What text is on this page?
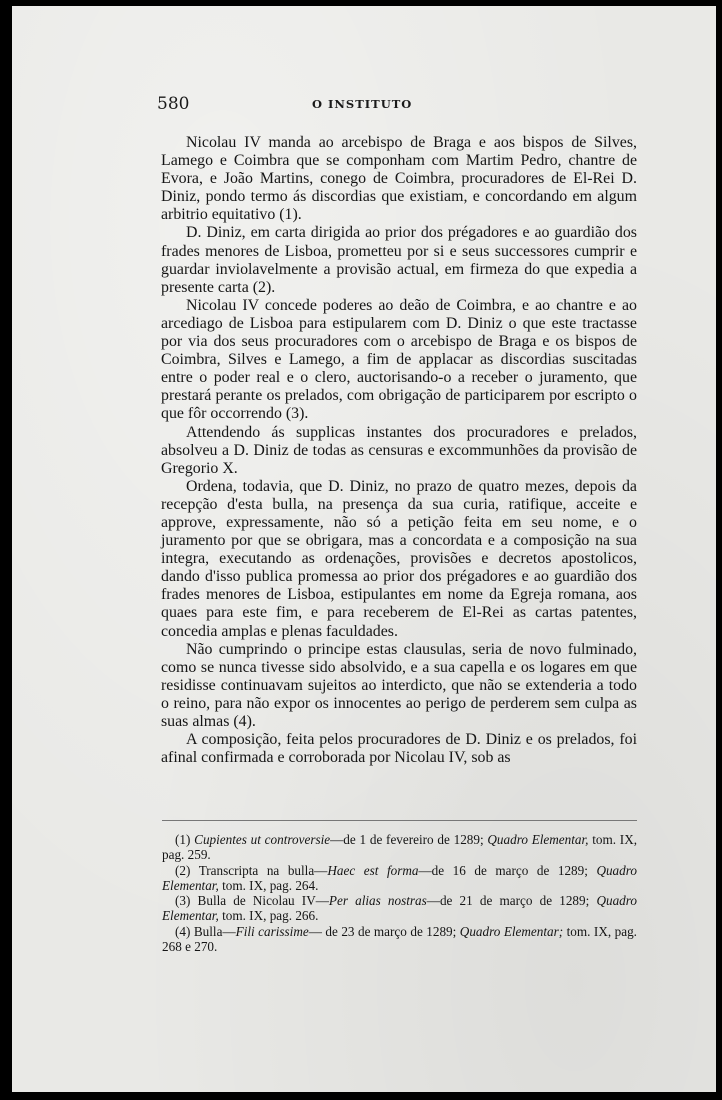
580	O INSTITUTO

Nicolau IV manda ao arcebispo de Braga e aos bispos de Silves, Lamego e Coimbra que se componham com Martim Pedro, chantre de Evora, e João Martins, conego de Coimbra, procuradores de El-Rei D. Diniz, pondo termo ás discordias que existiam, e concordando em algum arbitrio equitativo (1).

D. Diniz, em carta dirigida ao prior dos prégadores e ao guardião dos frades menores de Lisboa, prometteu por si e seus successores cumprir e guardar inviolavelmente a provisão actual, em firmeza do que expedia a presente carta (2).

Nicolau IV concede poderes ao deão de Coimbra, e ao chantre e ao arcediago de Lisboa para estipularem com D. Diniz o que este tractasse por via dos seus procuradores com o arcebispo de Braga e os bispos de Coimbra, Silves e Lamego, a fim de applacar as discordias suscitadas entre o poder real e o clero, auctorisando-o a receber o juramento, que prestará perante os prelados, com obrigação de participarem por escripto o que fôr occorrendo (3).

Attendendo ás supplicas instantes dos procuradores e prelados, absolveu a D. Diniz de todas as censuras e excommunhões da provisão de Gregorio X.

Ordena, todavia, que D. Diniz, no prazo de quatro mezes, depois da recepção d'esta bulla, na presença da sua curia, ratifique, acceite e approve, expressamente, não só a petição feita em seu nome, e o juramento por que se obrigara, mas a concordata e a composição na sua integra, executando as ordenações, provisões e decretos apostolicos, dando d'isso publica promessa ao prior dos prégadores e ao guardião dos frades menores de Lisboa, estipulantes em nome da Egreja romana, aos quaes para este fim, e para receberem de El-Rei as cartas patentes, concedia amplas e plenas faculdades.

Não cumprindo o principe estas clausulas, seria de novo fulminado, como se nunca tivesse sido absolvido, e a sua capella e os logares em que residisse continuavam sujeitos ao interdicto, que não se extenderia a todo o reino, para não expor os innocentes ao perigo de perderem sem culpa as suas almas (4).

A composição, feita pelos procuradores de D. Diniz e os prelados, foi afinal confirmada e corroborada por Nicolau IV, sob as

(1) Cupientes ut controversie—de 1 de fevereiro de 1289; Quadro Elementar, tom. IX, pag. 259.

(2) Transcripta na bulla—Haec est forma—de 16 de março de 1289; Quadro Elementar, tom. IX, pag. 264.

(3) Bulla de Nicolau IV—Per alias nostras—de 21 de março de 1289; Quadro Elementar, tom. IX, pag. 266.

(4) Bulla—Fili carissime— de 23 de março de 1289; Quadro Elementar; tom. IX, pag. 268 e 270.
